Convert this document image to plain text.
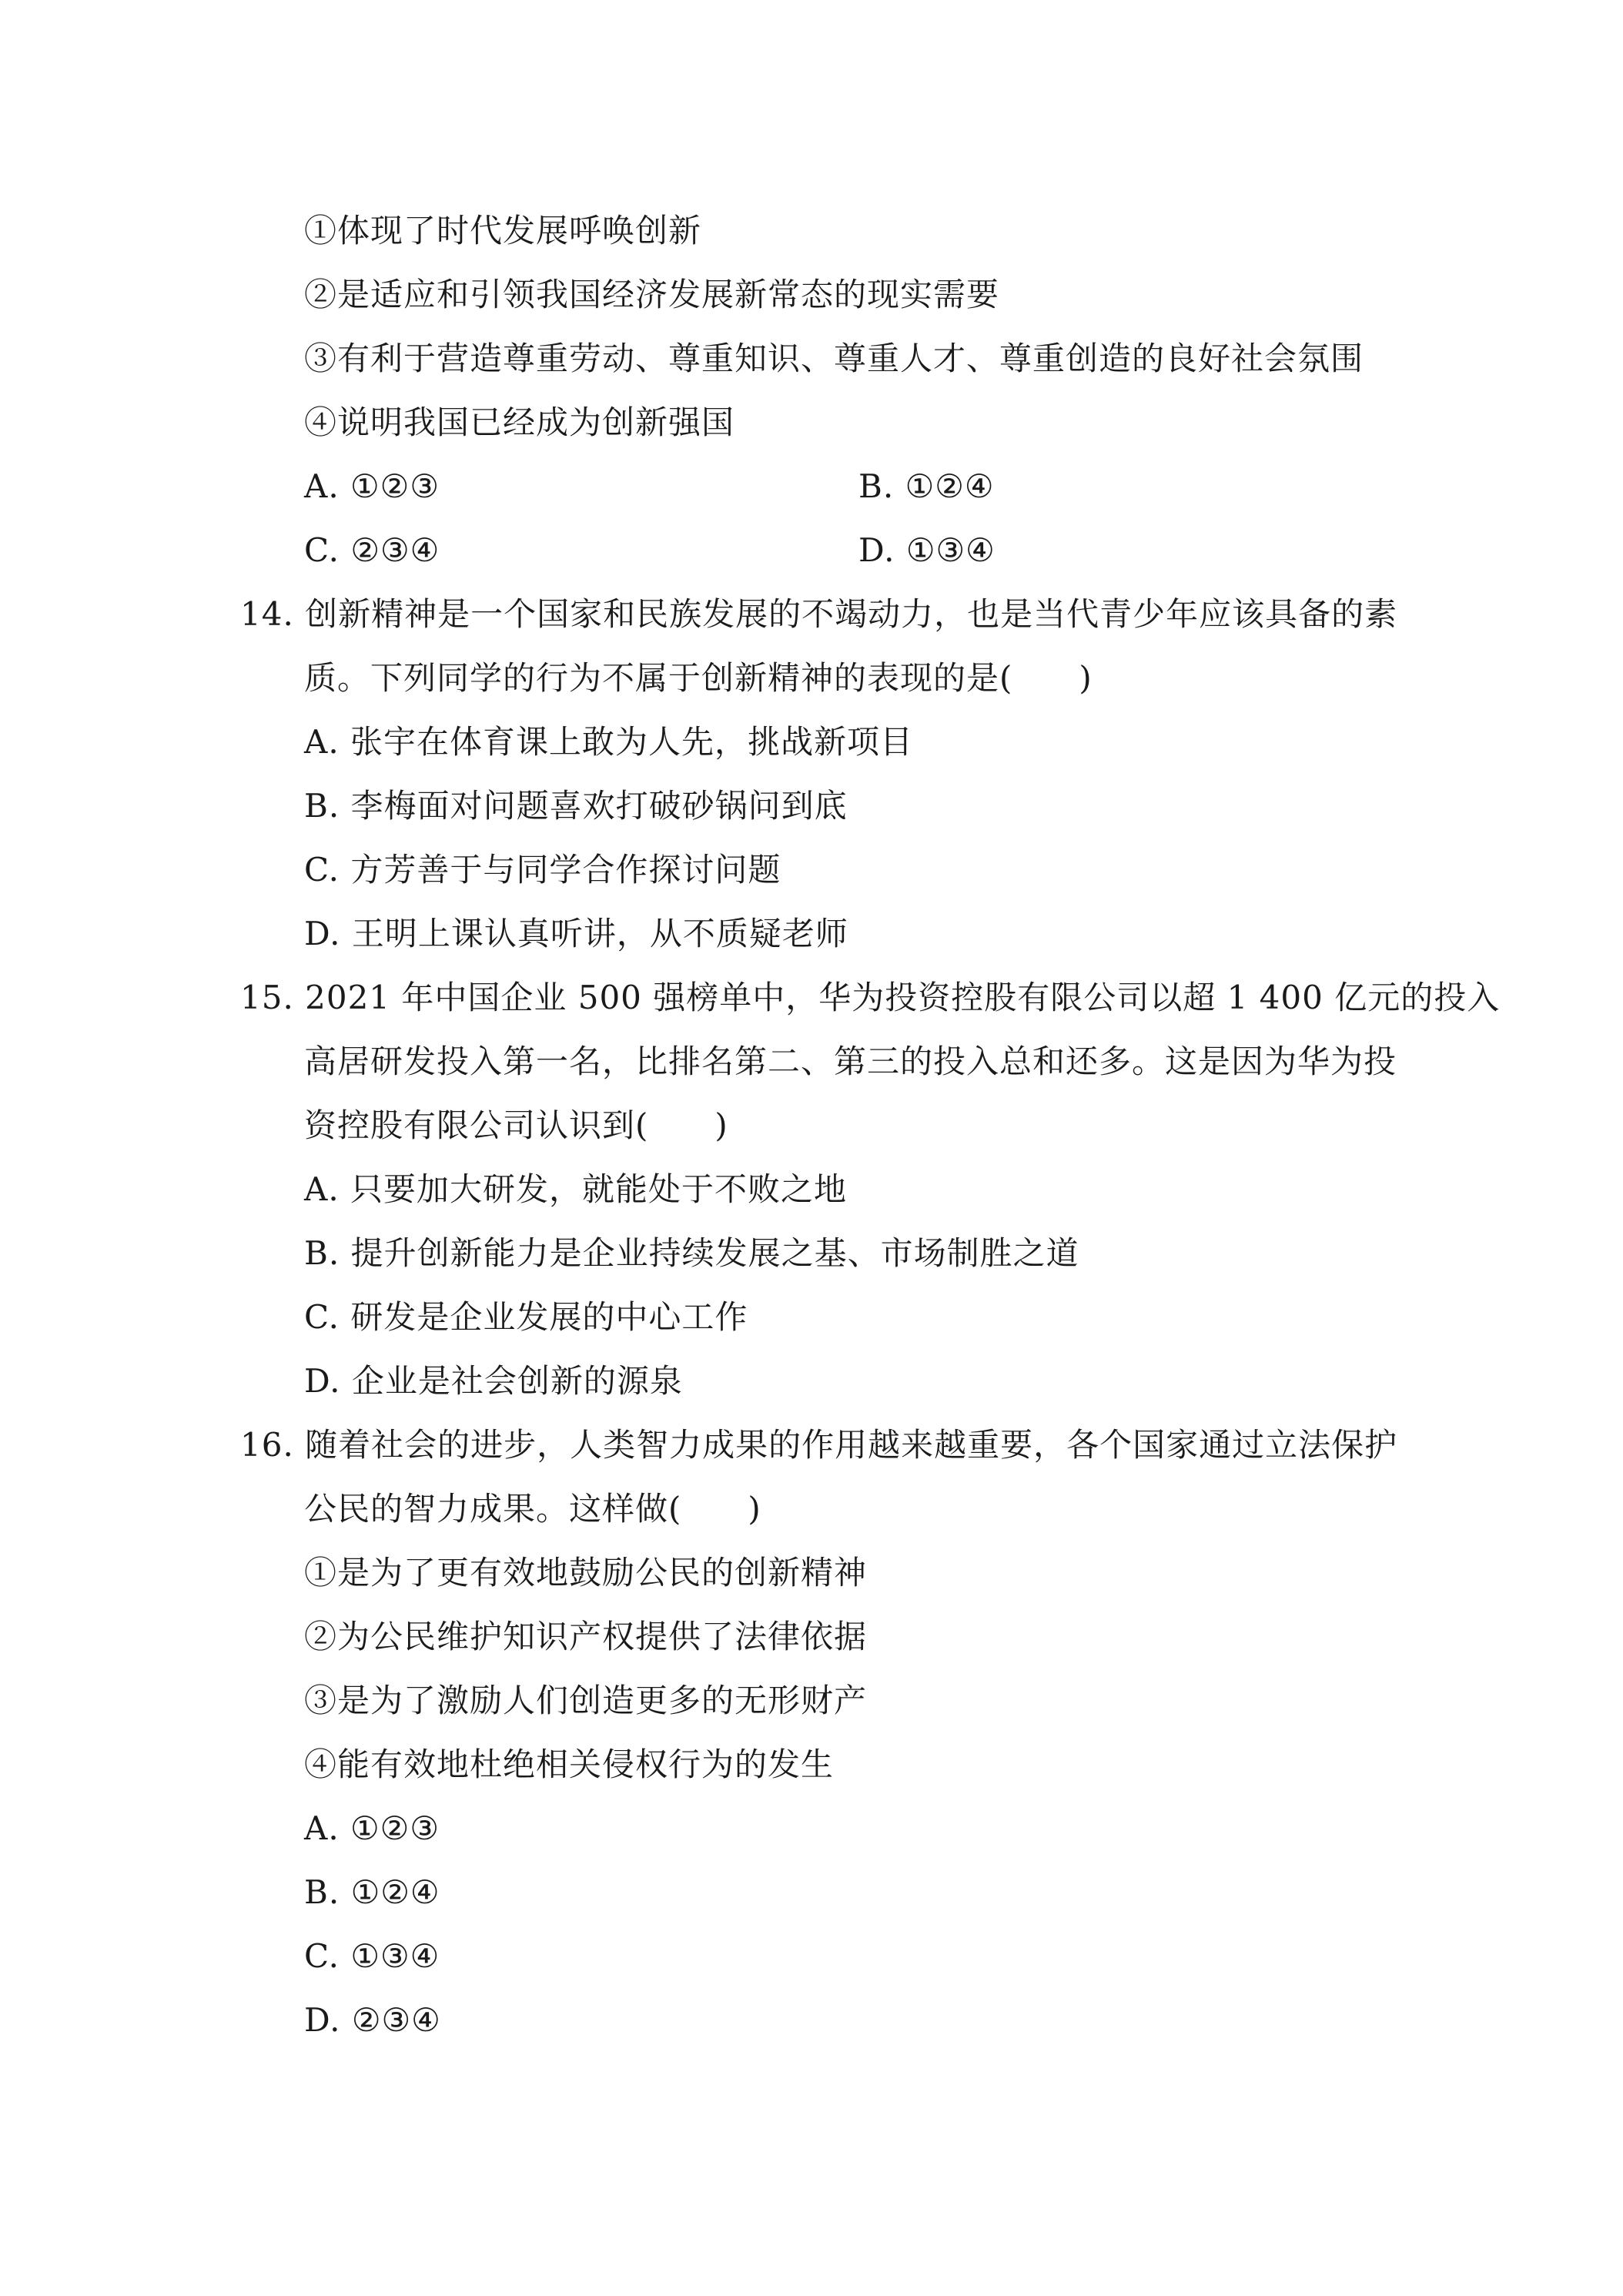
①体现了时代发展呼唤创新
②是适应和引领我国经济发展新常态的现实需要
③有利于营造尊重劳动、尊重知识、尊重人才、尊重创造的良好社会氛围
④说明我国已经成为创新强国
A. ①②③	B. ①②④
C. ②③④	D. ①③④
14. 创新精神是一个国家和民族发展的不竭动力，也是当代青少年应该具备的素
质。下列同学的行为不属于创新精神的表现的是(　　)
A. 张宇在体育课上敢为人先，挑战新项目
B. 李梅面对问题喜欢打破砂锅问到底
C. 方芳善于与同学合作探讨问题
D. 王明上课认真听讲，从不质疑老师
15. 2021 年中国企业 500 强榜单中，华为投资控股有限公司以超 1 400 亿元的投入
高居研发投入第一名，比排名第二、第三的投入总和还多。这是因为华为投
资控股有限公司认识到(　　)
A. 只要加大研发，就能处于不败之地
B. 提升创新能力是企业持续发展之基、市场制胜之道
C. 研发是企业发展的中心工作
D. 企业是社会创新的源泉
16. 随着社会的进步，人类智力成果的作用越来越重要，各个国家通过立法保护
公民的智力成果。这样做(　　)
①是为了更有效地鼓励公民的创新精神
②为公民维护知识产权提供了法律依据
③是为了激励人们创造更多的无形财产
④能有效地杜绝相关侵权行为的发生
A. ①②③
B. ①②④
C. ①③④
D. ②③④
